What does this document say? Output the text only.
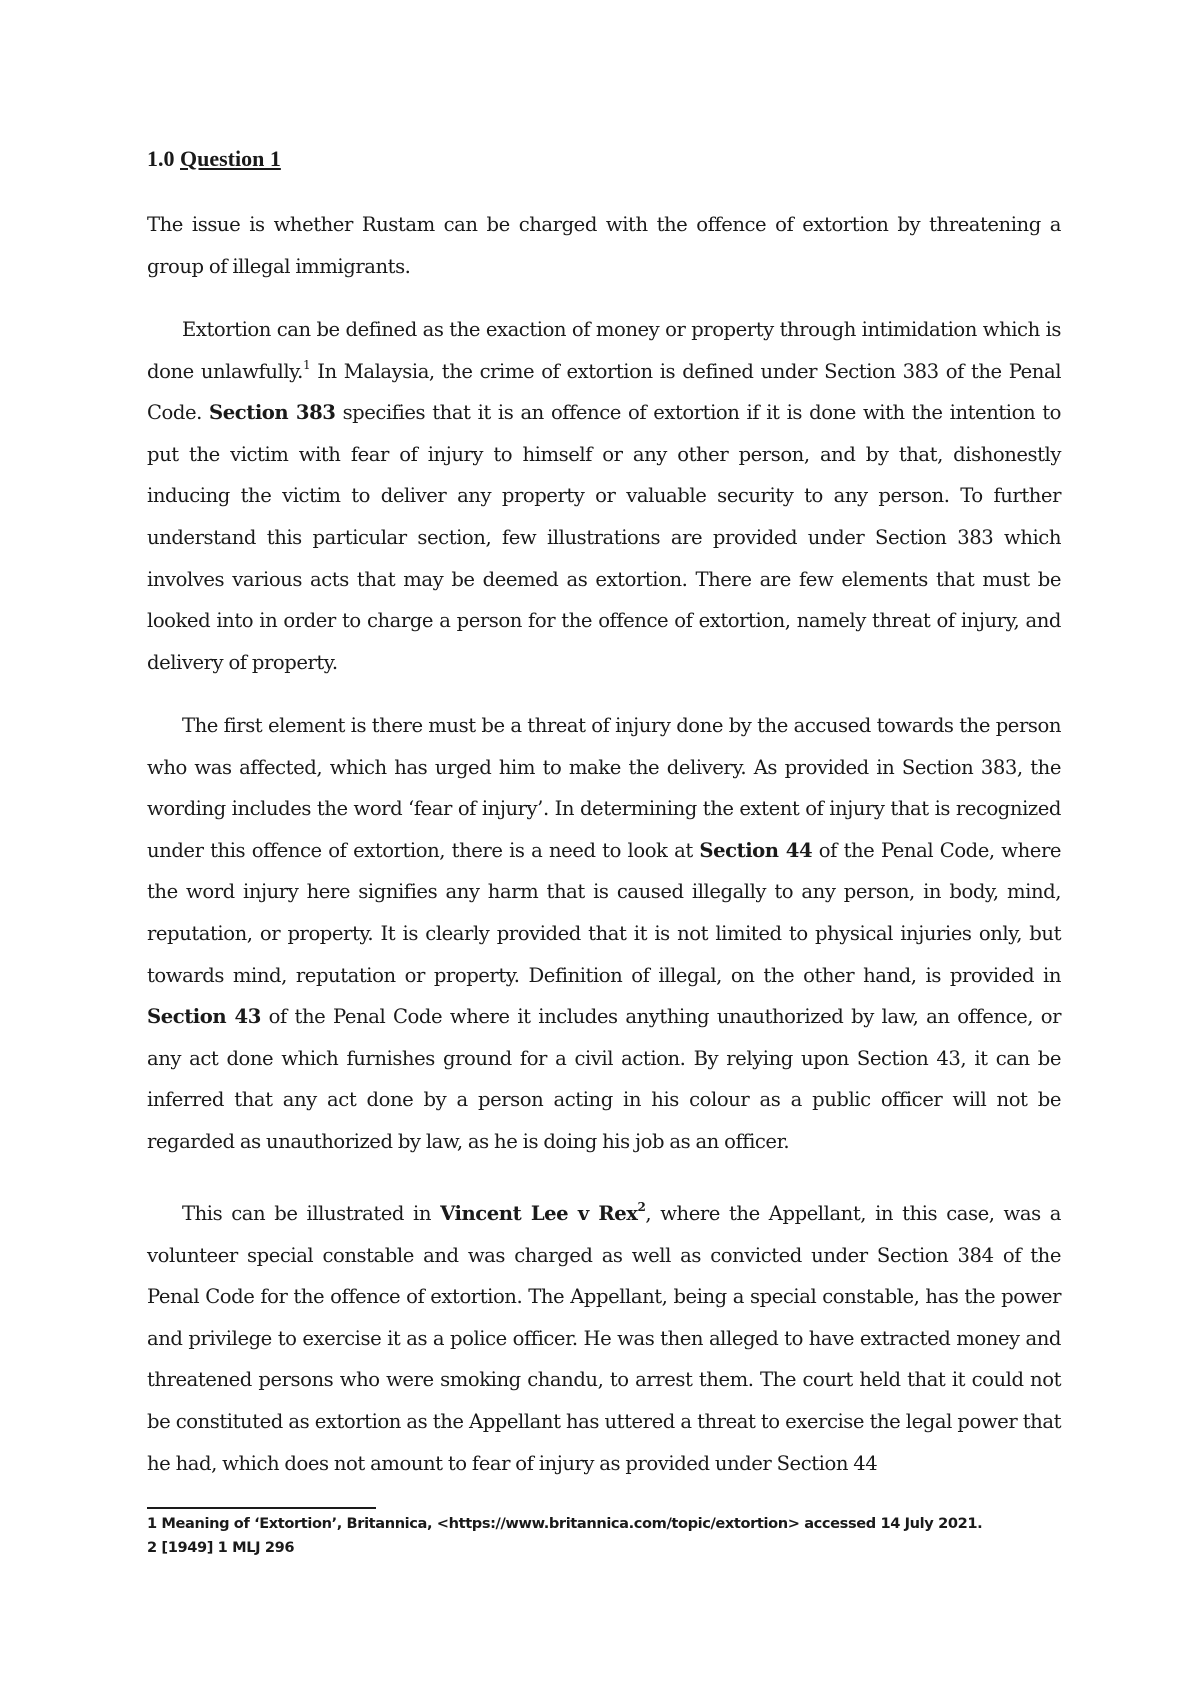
1.0 Question 1

The issue is whether Rustam can be charged with the offence of extortion by threatening a group of illegal immigrants.

Extortion can be defined as the exaction of money or property through intimidation which is done unlawfully.$^1$ In Malaysia, the crime of extortion is defined under Section 383 of the Penal Code. Section 383 specifies that it is an offence of extortion if it is done with the intention to put the victim with fear of injury to himself or any other person, and by that, dishonestly inducing the victim to deliver any property or valuable security to any person. To further understand this particular section, few illustrations are provided under Section 383 which involves various acts that may be deemed as extortion. There are few elements that must be looked into in order to charge a person for the offence of extortion, namely threat of injury, and delivery of property.

The first element is there must be a threat of injury done by the accused towards the person who was affected, which has urged him to make the delivery. As provided in Section 383, the wording includes the word ‘fear of injury’. In determining the extent of injury that is recognized under this offence of extortion, there is a need to look at Section 44 of the Penal Code, where the word injury here signifies any harm that is caused illegally to any person, in body, mind, reputation, or property. It is clearly provided that it is not limited to physical injuries only, but towards mind, reputation or property. Definition of illegal, on the other hand, is provided in Section 43 of the Penal Code where it includes anything unauthorized by law, an offence, or any act done which furnishes ground for a civil action. By relying upon Section 43, it can be inferred that any act done by a person acting in his colour as a public officer will not be regarded as unauthorized by law, as he is doing his job as an officer.

This can be illustrated in Vincent Lee v Rex$^2$, where the Appellant, in this case, was a volunteer special constable and was charged as well as convicted under Section 384 of the Penal Code for the offence of extortion. The Appellant, being a special constable, has the power and privilege to exercise it as a police officer. He was then alleged to have extracted money and threatened persons who were smoking chandu, to arrest them. The court held that it could not be constituted as extortion as the Appellant has uttered a threat to exercise the legal power that he had, which does not amount to fear of injury as provided under Section 44

1 Meaning of ‘Extortion’, Britannica, <https://www.britannica.com/topic/extortion> accessed 14 July 2021.
2 [1949] 1 MLJ 296
